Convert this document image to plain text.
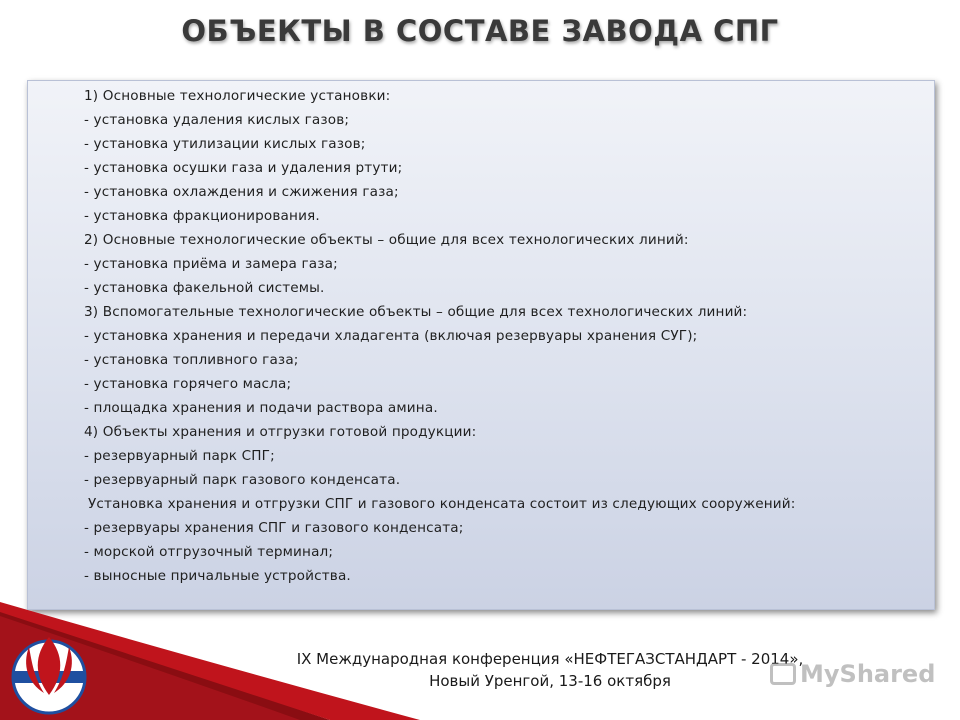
ОБЪЕКТЫ В СОСТАВЕ ЗАВОДА СПГ
1) Основные технологические установки:
- установка удаления кислых газов;
- установка утилизации кислых газов;
- установка осушки газа и удаления ртути;
- установка охлаждения и сжижения газа;
- установка фракционирования.
2) Основные технологические объекты – общие для всех технологических линий:
- установка приёма и замера газа;
- установка факельной системы.
3) Вспомогательные технологические объекты – общие для всех технологических линий:
- установка хранения и передачи хладагента (включая резервуары хранения СУГ);
- установка топливного газа;
- установка горячего масла;
- площадка хранения и подачи раствора амина.
4) Объекты хранения и отгрузки готовой продукции:
- резервуарный парк СПГ;
- резервуарный парк газового конденсата.
Установка хранения и отгрузки СПГ и газового конденсата состоит из следующих сооружений:
- резервуары хранения СПГ и газового конденсата;
- морской отгрузочный терминал;
- выносные причальные устройства.
IX Международная конференция «НЕФТЕГАЗСТАНДАРТ - 2014»,
Новый Уренгой, 13-16 октября	MyShared
